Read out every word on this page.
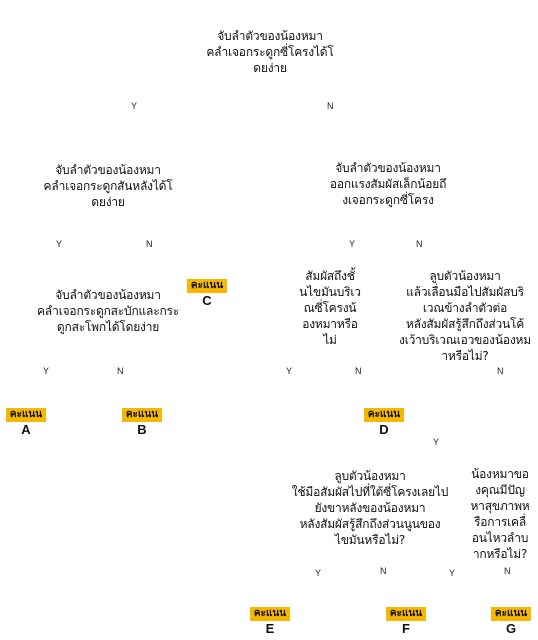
จับลำตัวของน้องหมา
คลำเจอกระดูกซี่โครงได้โ
ดยง่าย
จับลำตัวของน้องหมา
คลำเจอกระดูกสันหลังได้โ
ดยง่าย
จับลำตัวของน้องหมา
ออกแรงสัมผัสเล็กน้อยถึ
งเจอกระดูกซี่โครง
จับลำตัวของน้องหมา
คลำเจอกระดูกสะบักและกระ
ดูกสะโพกได้โดยง่าย
สัมผัสถึงชั้
นไขมันบริเว
ณซี่โครงน้
องหมาหรือ
ไม่
ลูบตัวน้องหมา
แล้วเลื่อนมือไปสัมผัสบริ
เวณข้างลำตัวต่อ
หลังสัมผัสรู้สึกถึงส่วนโค้
งเว้าบริเวณเอวของน้องหม
าหรือไม่?
ลูบตัวน้องหมา
ใช้มือสัมผัสไปที่ใต้ซี่โครงเลยไป
ยังขาหลังของน้องหมา
หลังสัมผัสรู้สึกถึงส่วนนูนของ
ไขมันหรือไม่?
น้องหมาขอ
งคุณมีปัญ
หาสุขภาพห
รือการเคลื่
อนไหวลำบ
ากหรือไม่?
Y	N
Y	N	Y	N
Y	N	Y	N	N
Y
Y	N	Y	N
คะแนน
A
คะแนน
B
คะแนน
C
คะแนน
D
คะแนน
E
คะแนน
F
คะแนน
G
